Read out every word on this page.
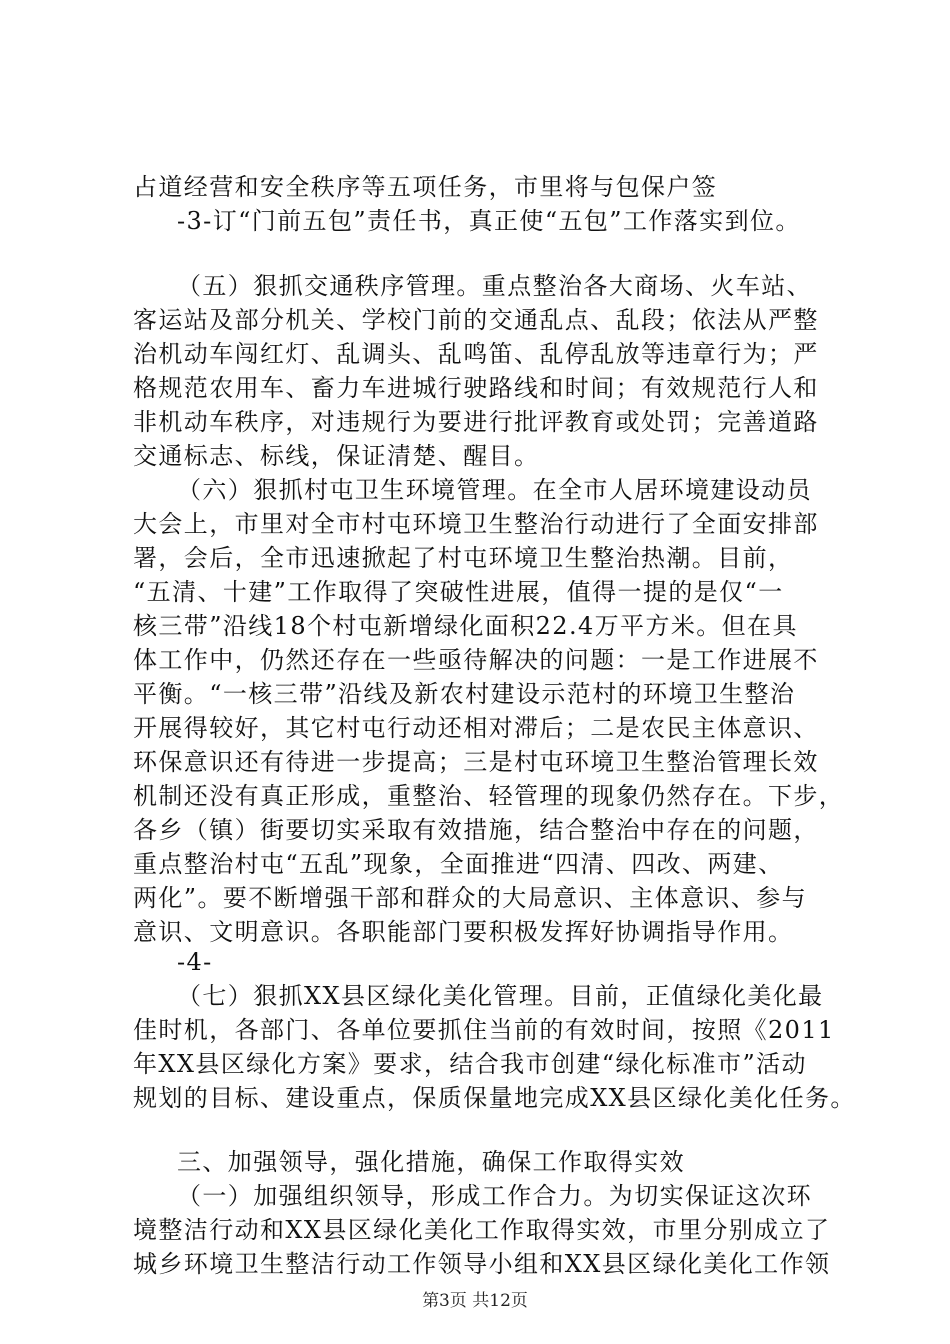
占道经营和安全秩序等五项任务，市里将与包保户签
-3-订“门前五包”责任书，真正使“五包”工作落实到位。
（五）狠抓交通秩序管理。重点整治各大商场、火车站、
客运站及部分机关、学校门前的交通乱点、乱段；依法从严整
治机动车闯红灯、乱调头、乱鸣笛、乱停乱放等违章行为；严
格规范农用车、畜力车进城行驶路线和时间；有效规范行人和
非机动车秩序，对违规行为要进行批评教育或处罚；完善道路
交通标志、标线，保证清楚、醒目。
（六）狠抓村屯卫生环境管理。在全市人居环境建设动员
大会上，市里对全市村屯环境卫生整治行动进行了全面安排部
署，会后，全市迅速掀起了村屯环境卫生整治热潮。目前，
“五清、十建”工作取得了突破性进展，值得一提的是仅“一
核三带”沿线18个村屯新增绿化面积22.4万平方米。但在具
体工作中，仍然还存在一些亟待解决的问题：一是工作进展不
平衡。“一核三带”沿线及新农村建设示范村的环境卫生整治
开展得较好，其它村屯行动还相对滞后；二是农民主体意识、
环保意识还有待进一步提高；三是村屯环境卫生整治管理长效
机制还没有真正形成，重整治、轻管理的现象仍然存在。下步，
各乡（镇）街要切实采取有效措施，结合整治中存在的问题，
重点整治村屯“五乱”现象，全面推进“四清、四改、两建、
两化”。要不断增强干部和群众的大局意识、主体意识、参与
意识、文明意识。各职能部门要积极发挥好协调指导作用。
-4-
（七）狠抓XX县区绿化美化管理。目前，正值绿化美化最
佳时机，各部门、各单位要抓住当前的有效时间，按照《2011
年XX县区绿化方案》要求，结合我市创建“绿化标准市”活动
规划的目标、建设重点，保质保量地完成XX县区绿化美化任务。
三、加强领导，强化措施，确保工作取得实效
（一）加强组织领导，形成工作合力。为切实保证这次环
境整洁行动和XX县区绿化美化工作取得实效，市里分别成立了
城乡环境卫生整洁行动工作领导小组和XX县区绿化美化工作领
第3页 共12页
